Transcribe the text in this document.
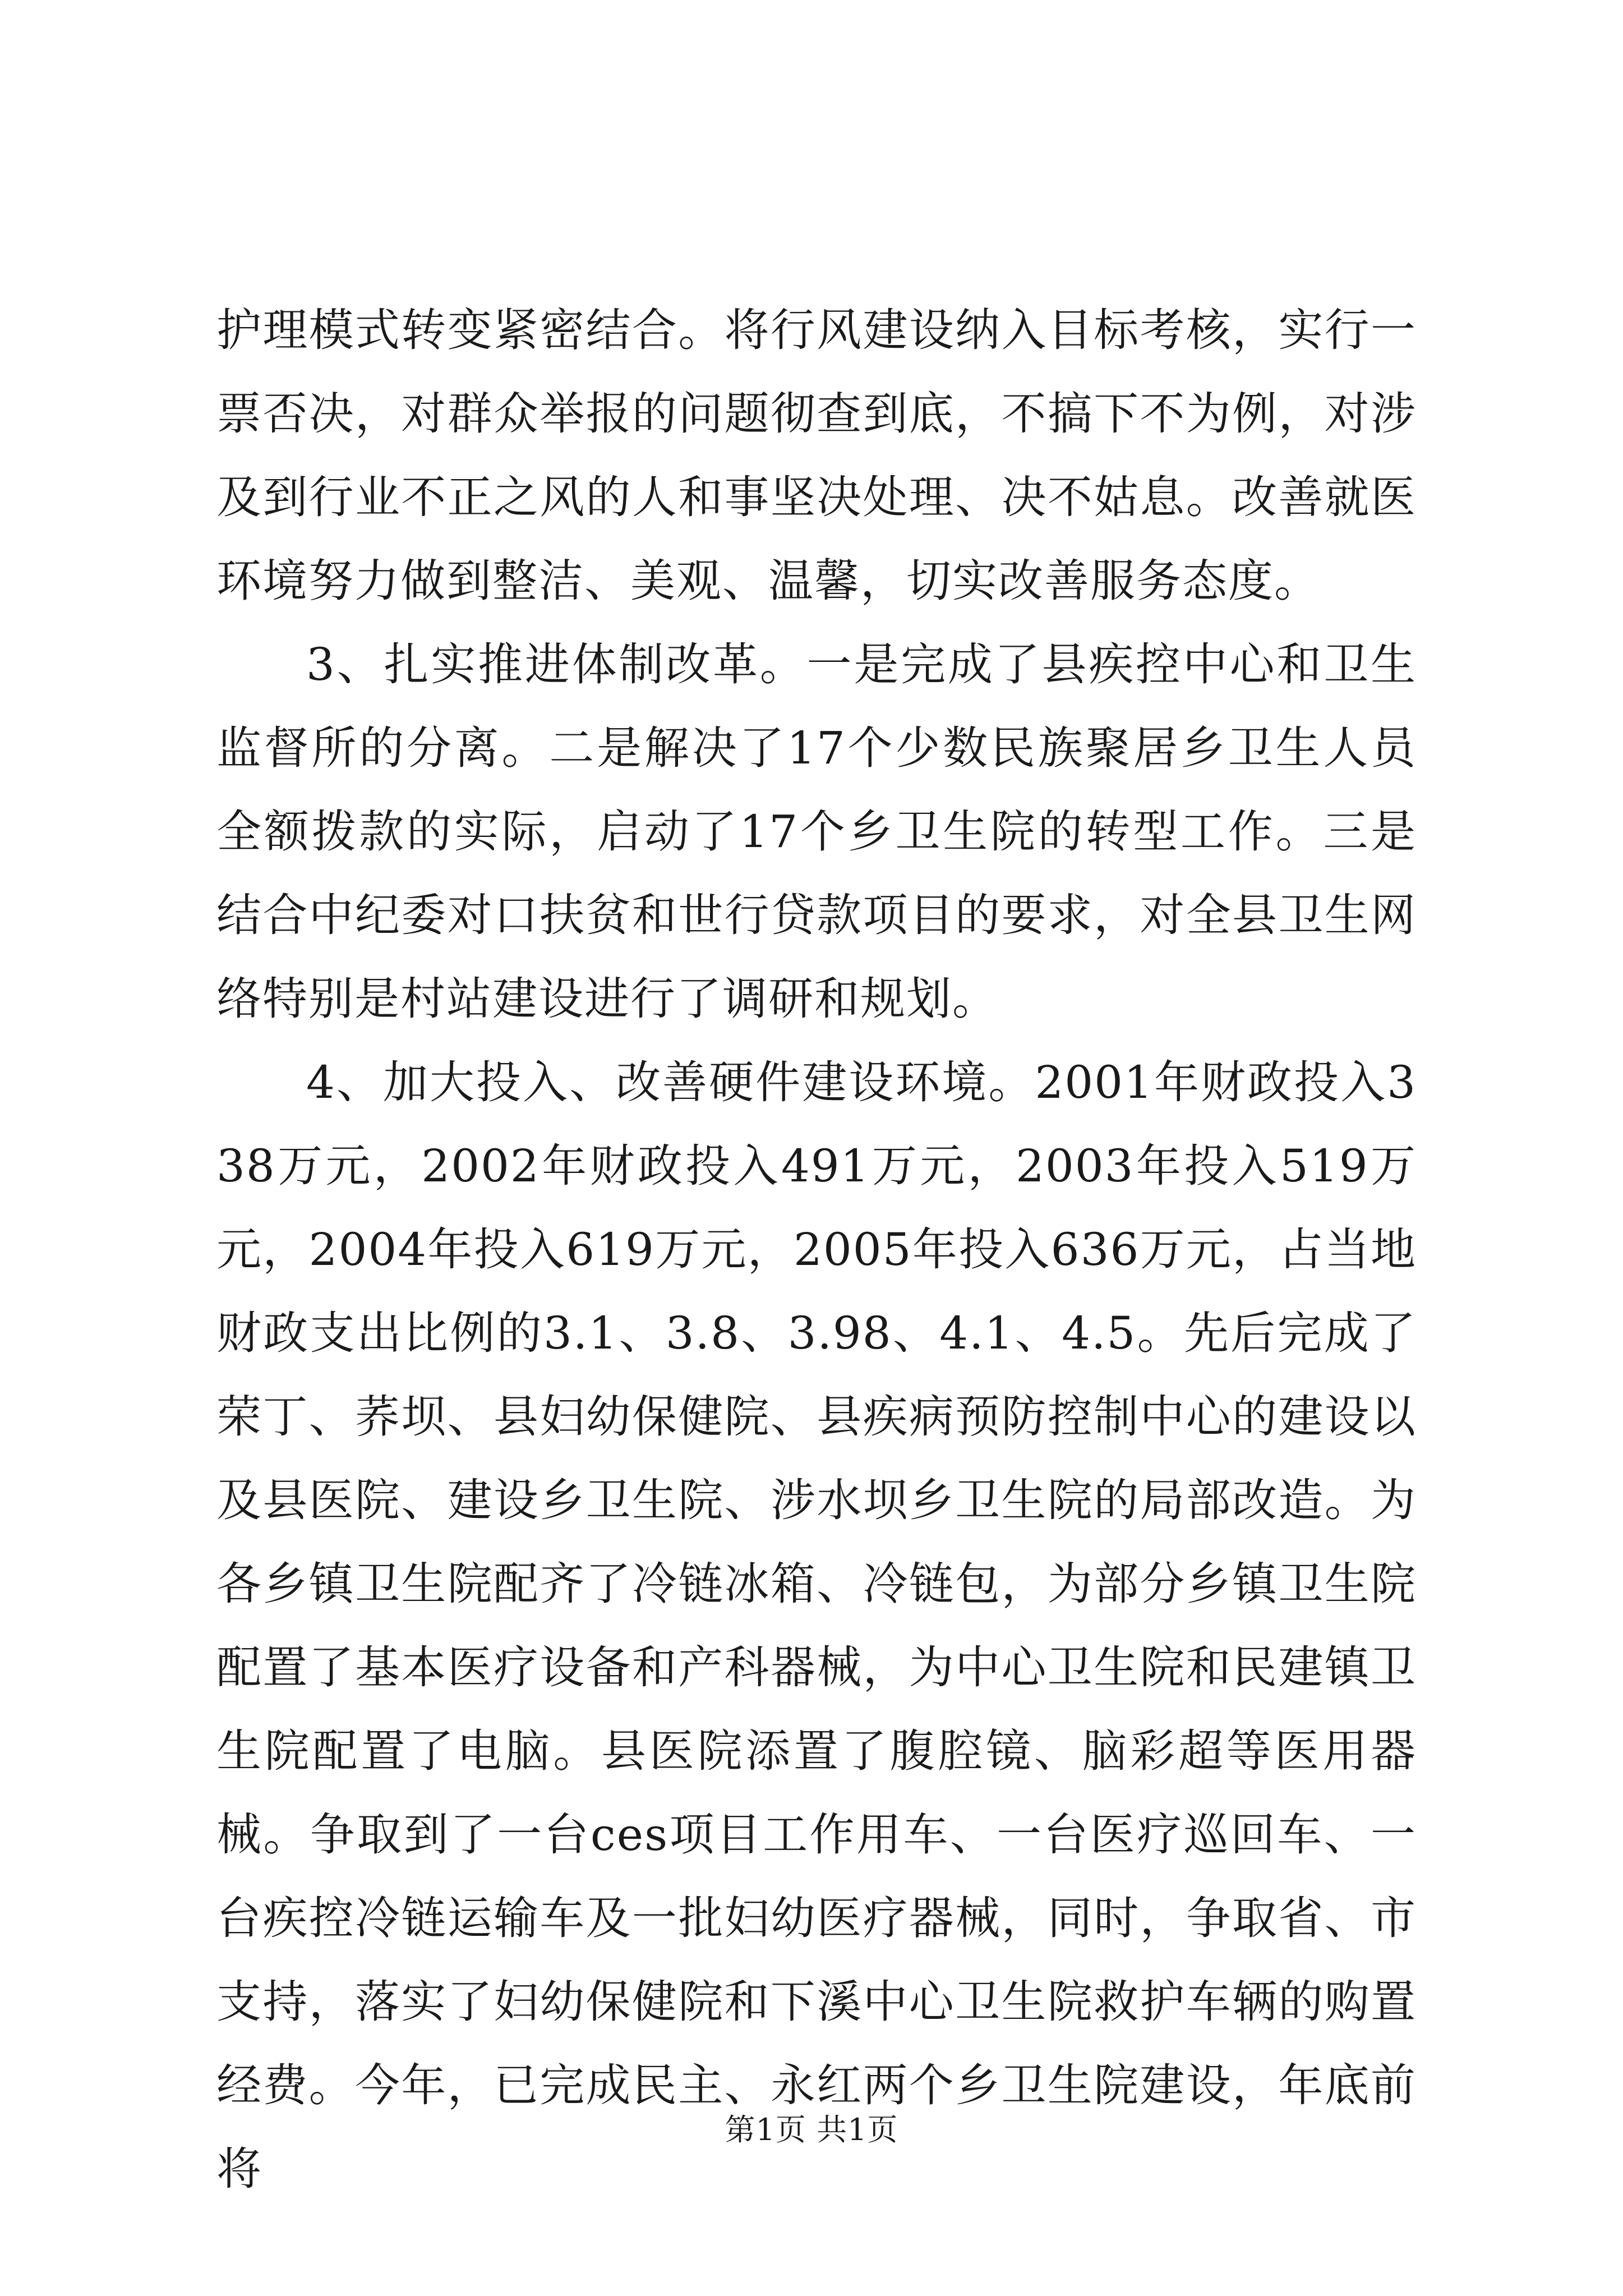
护理模式转变紧密结合。将行风建设纳入目标考核，实行一票否决，对群众举报的问题彻查到底，不搞下不为例，对涉及到行业不正之风的人和事坚决处理、决不姑息。改善就医环境努力做到整洁、美观、温馨，切实改善服务态度。

3、扎实推进体制改革。一是完成了县疾控中心和卫生监督所的分离。二是解决了17个少数民族聚居乡卫生人员全额拨款的实际，启动了17个乡卫生院的转型工作。三是结合中纪委对口扶贫和世行贷款项目的要求，对全县卫生网络特别是村站建设进行了调研和规划。

4、加大投入、改善硬件建设环境。2001年财政投入338万元，2002年财政投入491万元，2003年投入519万元，2004年投入619万元，2005年投入636万元，占当地财政支出比例的3.1、3.8、3.98、4.1、4.5。先后完成了荣丁、荞坝、县妇幼保健院、县疾病预防控制中心的建设以及县医院、建设乡卫生院、涉水坝乡卫生院的局部改造。为各乡镇卫生院配齐了冷链冰箱、冷链包，为部分乡镇卫生院配置了基本医疗设备和产科器械，为中心卫生院和民建镇卫生院配置了电脑。县医院添置了腹腔镜、脑彩超等医用器械。争取到了一台ces项目工作用车、一台医疗巡回车、一台疾控冷链运输车及一批妇幼医疗器械，同时，争取省、市支持，落实了妇幼保健院和下溪中心卫生院救护车辆的购置经费。今年，已完成民主、永红两个乡卫生院建设，年底前将

第1页 共1页
